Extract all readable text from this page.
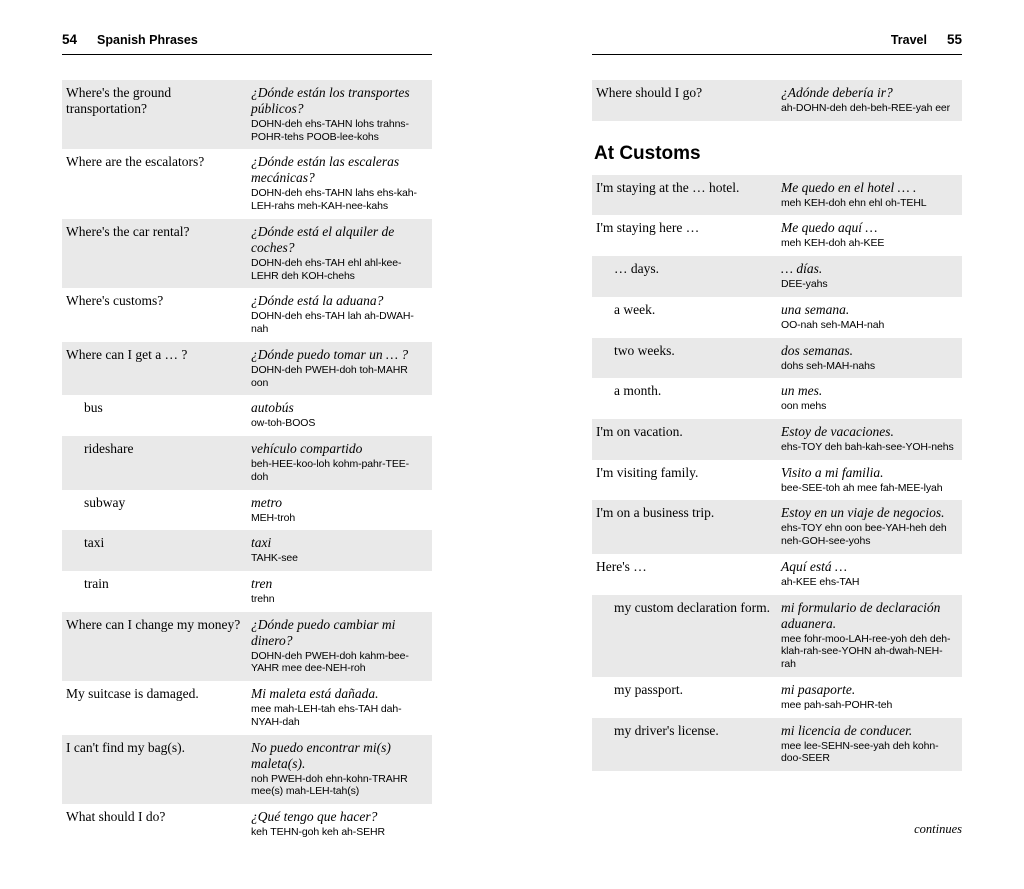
54 Spanish Phrases
Where's the ground transportation?	¿Dónde están los transportes públicos?
DOHN-deh ehs-TAHN lohs trahns-POHR-tehs POOB-lee-kohs

Where are the escalators?	¿Dónde están las escaleras mecánicas?
DOHN-deh ehs-TAHN lahs ehs-kah-LEH-rahs meh-KAH-nee-kahs

Where's the car rental?	¿Dónde está el alquiler de coches?
DOHN-deh ehs-TAH ehl ahl-kee-LEHR deh KOH-chehs

Where's customs?	¿Dónde está la aduana?
DOHN-deh ehs-TAH lah ah-DWAH-nah

Where can I get a … ?	¿Dónde puedo tomar un … ?
DOHN-deh PWEH-doh toh-MAHR oon

bus	autobús
ow-toh-BOOS

rideshare	vehículo compartido
beh-HEE-koo-loh kohm-pahr-TEE-doh

subway	metro
MEH-troh

taxi	taxi
TAHK-see

train	tren
trehn

Where can I change my money?	¿Dónde puedo cambiar mi dinero?
DOHN-deh PWEH-doh kahm-bee-YAHR mee dee-NEH-roh

My suitcase is damaged.	Mi maleta está dañada.
mee mah-LEH-tah ehs-TAH dah-NYAH-dah

I can't find my bag(s).	No puedo encontrar mi(s) maleta(s).
noh PWEH-doh ehn-kohn-TRAHR mee(s) mah-LEH-tah(s)

What should I do?	¿Qué tengo que hacer?
keh TEHN-goh keh ah-SEHR
Travel 55
Where should I go?	¿Adónde debería ir?
ah-DOHN-deh deh-beh-REE-yah eer
At Customs
I'm staying at the … hotel.	Me quedo en el hotel … .
meh KEH-doh ehn ehl oh-TEHL

I'm staying here …	Me quedo aquí …
meh KEH-doh ah-KEE

… days.	… días.
DEE-yahs

a week.	una semana.
OO-nah seh-MAH-nah

two weeks.	dos semanas.
dohs seh-MAH-nahs

a month.	un mes.
oon mehs

I'm on vacation.	Estoy de vacaciones.
ehs-TOY deh bah-kah-see-YOH-nehs

I'm visiting family.	Visito a mi familia.
bee-SEE-toh ah mee fah-MEE-lyah

I'm on a business trip.	Estoy en un viaje de negocios.
ehs-TOY ehn oon bee-YAH-heh deh neh-GOH-see-yohs

Here's …	Aquí está …
ah-KEE ehs-TAH

my custom declaration form.	mi formulario de declaración aduanera.
mee fohr-moo-LAH-ree-yoh deh deh-klah-rah-see-YOHN ah-dwah-NEH-rah

my passport.	mi pasaporte.
mee pah-sah-POHR-teh

my driver's license.	mi licencia de conducer.
mee lee-SEHN-see-yah deh kohn-doo-SEER
continues
